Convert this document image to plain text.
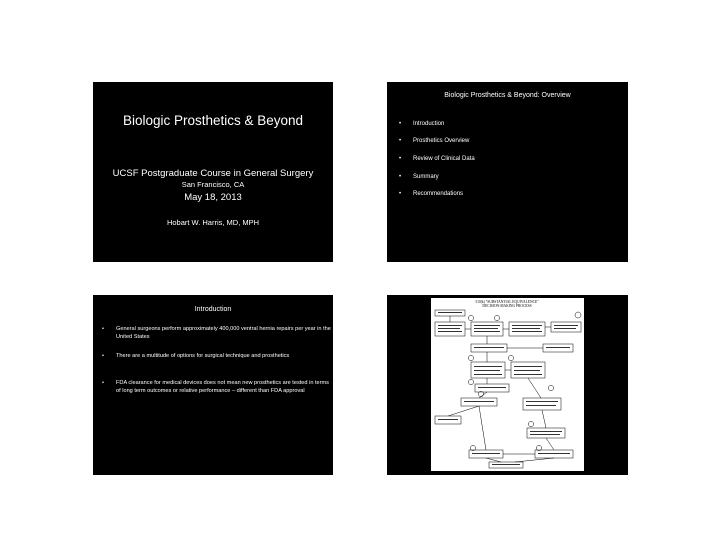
Biologic Prosthetics & Beyond
UCSF Postgraduate Course in General Surgery
San Francisco, CA
May 18, 2013
Hobart W. Harris, MD, MPH
Biologic Prosthetics & Beyond: Overview
• Introduction
• Prosthetics Overview
• Review of Clinical Data
• Summary
• Recommendations
Introduction
• General surgeons perform approximately 400,000 ventral hernia repairs per year in the United States
• There are a multitude of options for surgical technique and prosthetics
• FDA clearance for medical devices does not mean new prosthetics are tested in terms of long term outcomes or relative performance – different than FDA approval
510(k) "SUBSTANTIAL EQUIVALENCE"
DECISION-MAKING PROCESS
